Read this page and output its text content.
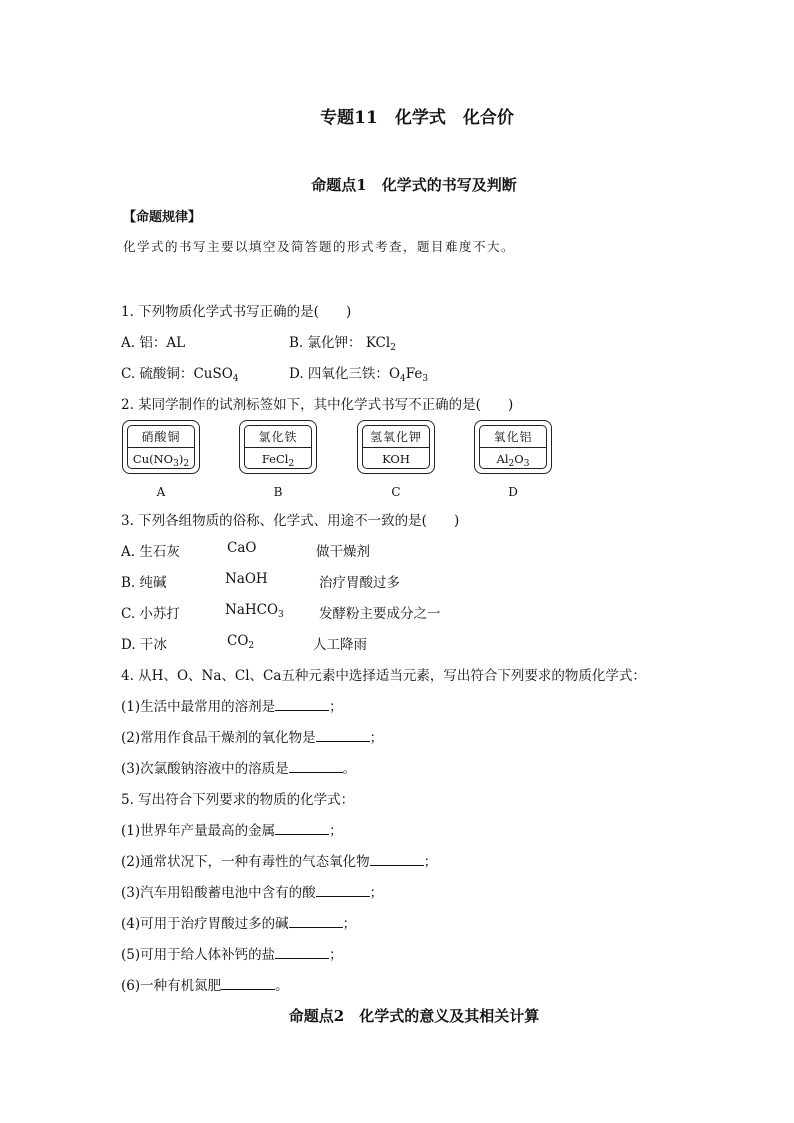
专题11　化学式　化合价
命题点1　化学式的书写及判断
【命题规律】
化学式的书写主要以填空及简答题的形式考查，题目难度不大。
1. 下列物质化学式书写正确的是(　　)
A. 铝：AL	B. 氯化钾： KCl$_2$
C. 硫酸铜：CuSO$_4$	D. 四氧化三铁：$O_4Fe_3$
2. 某同学制作的试剂标签如下，其中化学式书写不正确的是(　　)
硝酸铜
$Cu(NO_3)_2$
氯化铁
FeCl$_2$
氢氧化钾
KOH
氧化铝
$Al_2O_3$
A	B	C	D
3. 下列各组物质的俗称、化学式、用途不一致的是(　　)
A. 生石灰	CaO	做干燥剂
B. 纯碱	NaOH	治疗胃酸过多
C. 小苏打	NaHCO$_3$	发酵粉主要成分之一
D. 干冰	$CO_2$	人工降雨
4. 从H、O、Na、Cl、Ca五种元素中选择适当元素，写出符合下列要求的物质化学式：
(1)生活中最常用的溶剂是	；
(2)常用作食品干燥剂的氧化物是	；
(3)次氯酸钠溶液中的溶质是	。
5. 写出符合下列要求的物质的化学式：
(1)世界年产量最高的金属	；
(2)通常状况下，一种有毒性的气态氧化物	；
(3)汽车用铅酸蓄电池中含有的酸	；
(4)可用于治疗胃酸过多的碱	；
(5)可用于给人体补钙的盐	；
(6)一种有机氮肥	。
命题点2　化学式的意义及其相关计算
